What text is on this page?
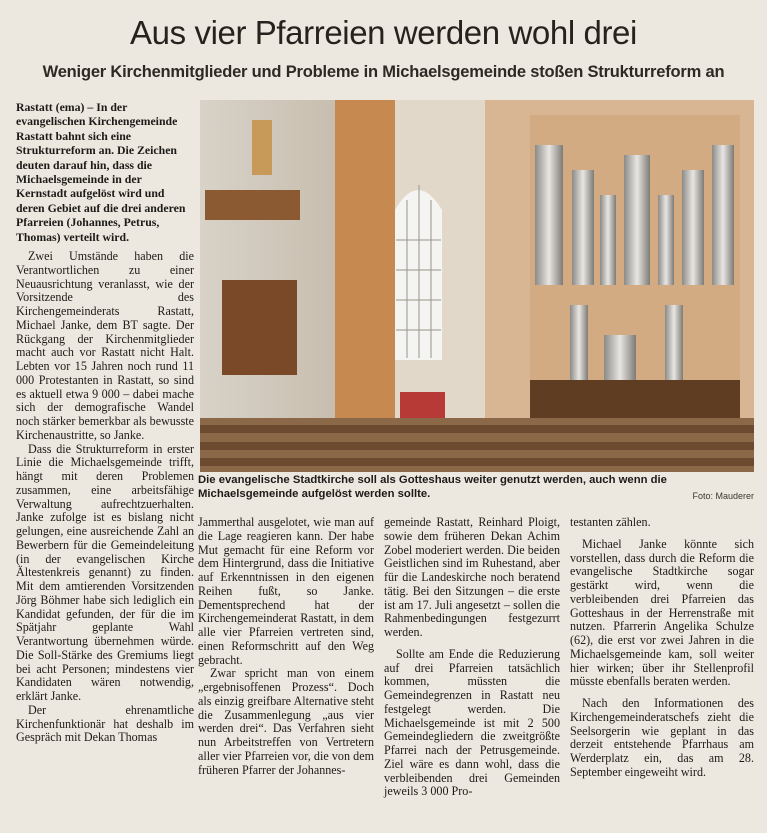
Aus vier Pfarreien werden wohl drei
Weniger Kirchenmitglieder und Probleme in Michaelsgemeinde stoßen Strukturreform an

Rastatt (ema) – In der evangelischen Kirchengemeinde Rastatt bahnt sich eine Strukturreform an. Die Zeichen deuten darauf hin, dass die Michaelsgemeinde in der Kernstadt aufgelöst wird und deren Gebiet auf die drei anderen Pfarreien (Johannes, Petrus, Thomas) verteilt wird.

Die evangelische Stadtkirche soll als Gotteshaus weiter genutzt werden, auch wenn die Michaelsgemeinde aufgelöst werden sollte.	Foto: Mauderer

Zwei Umstände haben die Verantwortlichen zu einer Neuausrichtung veranlasst, wie der Vorsitzende des Kirchengemeinderats Rastatt, Michael Janke, dem BT sagte. Der Rückgang der Kirchenmitglieder macht auch vor Rastatt nicht Halt. Lebten vor 15 Jahren noch rund 11 000 Protestanten in Rastatt, so sind es aktuell etwa 9 000 – dabei mache sich der demografische Wandel noch stärker bemerkbar als bewusste Kirchenaustritte, so Janke.

Dass die Strukturreform in erster Linie die Michaelsgemeinde trifft, hängt mit deren Problemen zusammen, eine arbeitsfähige Verwaltung aufrechtzuerhalten. Janke zufolge ist es bislang nicht gelungen, eine ausreichende Zahl an Bewerbern für die Gemeindeleitung (in der evangelischen Kirche Ältestenkreis genannt) zu finden. Mit dem amtierenden Vorsitzenden Jörg Böhmer habe sich lediglich ein Kandidat gefunden, der für die im Spätjahr geplante Wahl Verantwortung übernehmen würde. Die Soll-Stärke des Gremiums liegt bei acht Personen; mindestens vier Kandidaten wären notwendig, erklärt Janke.

Der ehrenamtliche Kirchenfunktionär hat deshalb im Gespräch mit Dekan Thomas

Jammerthal ausgelotet, wie man auf die Lage reagieren kann. Der habe Mut gemacht für eine Reform vor dem Hintergrund, dass die Initiative auf Erkenntnissen in den eigenen Reihen fußt, so Janke. Dementsprechend hat der Kirchengemeinderat Rastatt, in dem alle vier Pfarreien vertreten sind, einen Reformschritt auf den Weg gebracht.

Zwar spricht man von einem „ergebnisoffenen Prozess“. Doch als einzig greifbare Alternative steht die Zusammenlegung „aus vier werden drei“. Das Verfahren sieht nun Arbeitstreffen von Vertretern aller vier Pfarreien vor, die von dem früheren Pfarrer der Johannes-

gemeinde Rastatt, Reinhard Ploigt, sowie dem früheren Dekan Achim Zobel moderiert werden. Die beiden Geistlichen sind im Ruhestand, aber für die Landeskirche noch beratend tätig. Bei den Sitzungen – die erste ist am 17. Juli angesetzt – sollen die Rahmenbedingungen festgezurrt werden.

Sollte am Ende die Reduzierung auf drei Pfarreien tatsächlich kommen, müssten die Gemeindegrenzen in Rastatt neu festgelegt werden. Die Michaelsgemeinde ist mit 2 500 Gemeindegliedern die zweitgrößte Pfarrei nach der Petrusgemeinde. Ziel wäre es dann wohl, dass die verbleibenden drei Gemeinden jeweils 3 000 Pro-

testanten zählen.

Michael Janke könnte sich vorstellen, dass durch die Reform die evangelische Stadtkirche sogar gestärkt wird, wenn die verbleibenden drei Pfarreien das Gotteshaus in der Herrenstraße mit nutzen. Pfarrerin Angelika Schulze (62), die erst vor zwei Jahren in die Michaelsgemeinde kam, soll weiter hier wirken; über ihr Stellenprofil müsste ebenfalls beraten werden.

Nach den Informationen des Kirchengemeinderatschefs zieht die Seelsorgerin wie geplant in das derzeit entstehende Pfarrhaus am Werderplatz ein, das am 28. September eingeweiht wird.
